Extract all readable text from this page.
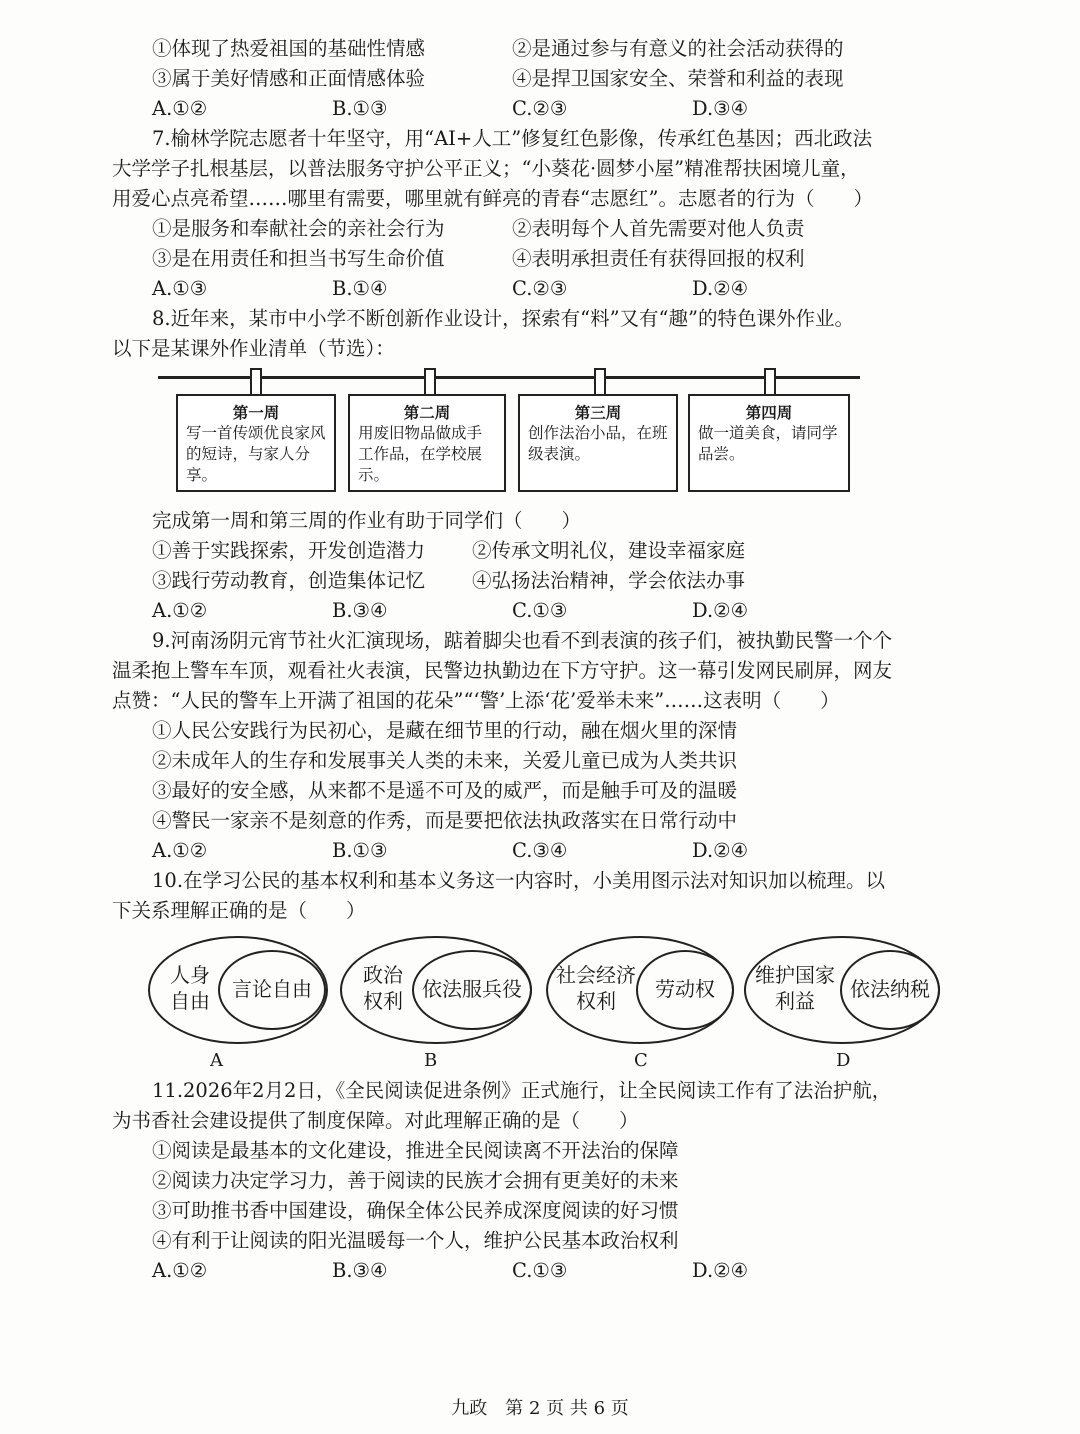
①体现了热爱祖国的基础性情感	②是通过参与有意义的社会活动获得的
③属于美好情感和正面情感体验	④是捍卫国家安全、荣誉和利益的表现
A.①②	B.①③	C.②③	D.③④
7.榆林学院志愿者十年坚守，用“AI+人工”修复红色影像，传承红色基因；西北政法
大学学子扎根基层，以普法服务守护公平正义；“小葵花·圆梦小屋”精准帮扶困境儿童，
用爱心点亮希望……哪里有需要，哪里就有鲜亮的青春“志愿红”。志愿者的行为（　　）
①是服务和奉献社会的亲社会行为	②表明每个人首先需要对他人负责
③是在用责任和担当书写生命价值	④表明承担责任有获得回报的权利
A.①③	B.①④	C.②③	D.②④
8.近年来，某市中小学不断创新作业设计，探索有“料”又有“趣”的特色课外作业。
以下是某课外作业清单（节选）：
第一周
写一首传颂优良家风的短诗，与家人分享。
第二周
用废旧物品做成手工作品，在学校展示。
第三周
创作法治小品，在班级表演。
第四周
做一道美食，请同学品尝。
完成第一周和第三周的作业有助于同学们（　　）
①善于实践探索，开发创造潜力 ②传承文明礼仪，建设幸福家庭
③践行劳动教育，创造集体记忆 ④弘扬法治精神，学会依法办事
A.①②	B.③④	C.①③	D.②④
9.河南汤阴元宵节社火汇演现场，踮着脚尖也看不到表演的孩子们，被执勤民警一个个
温柔抱上警车车顶，观看社火表演，民警边执勤边在下方守护。这一幕引发网民刷屏，网友
点赞：“人民的警车上开满了祖国的花朵”“‘警’上添‘花’爱举未来”……这表明（　　）
①人民公安践行为民初心，是藏在细节里的行动，融在烟火里的深情
②未成年人的生存和发展事关人类的未来，关爱儿童已成为人类共识
③最好的安全感，从来都不是遥不可及的威严，而是触手可及的温暖
④警民一家亲不是刻意的作秀，而是要把依法执政落实在日常行动中
A.①②	B.①③	C.③④	D.②④
10.在学习公民的基本权利和基本义务这一内容时，小美用图示法对知识加以梳理。以
下关系理解正确的是（　　）
人身
自由	言论自由
A
政治
权利 依法服兵役
B
社会经济
权利	劳动权
C
维护国家
利益	依法纳税
D
11.2026年2月2日，《全民阅读促进条例》正式施行，让全民阅读工作有了法治护航，
为书香社会建设提供了制度保障。对此理解正确的是（　　）
①阅读是最基本的文化建设，推进全民阅读离不开法治的保障
②阅读力决定学习力，善于阅读的民族才会拥有更美好的未来
③可助推书香中国建设，确保全体公民养成深度阅读的好习惯
④有利于让阅读的阳光温暖每一个人，维护公民基本政治权利
A.①②	B.③④	C.①③	D.②④
九政　第 2 页 共 6 页
